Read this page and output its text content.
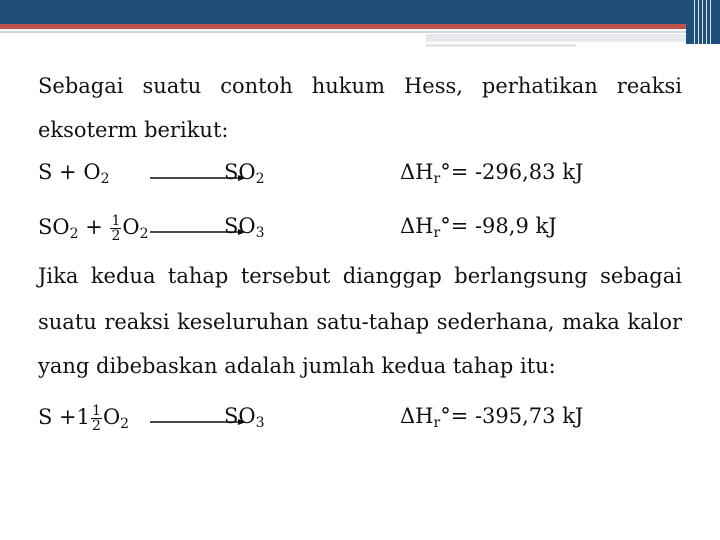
Sebagai suatu contoh hukum Hess, perhatikan reaksi
eksoterm berikut:
S + O2	SO2	$\Delta H_r^\circ= -296,83$ kJ
$SO2 + \frac{1}{2} O2$	SO3	$\Delta H_r^\circ= -98,9$ kJ
Jika kedua tahap tersebut dianggap berlangsung sebagai
suatu reaksi keseluruhan satu-tahap sederhana, maka kalor
yang dibebaskan adalah jumlah kedua tahap itu:
$S +1 \frac{1}{2} O2$	SO3	$\Delta H_r^\circ= -395,73$ kJ
